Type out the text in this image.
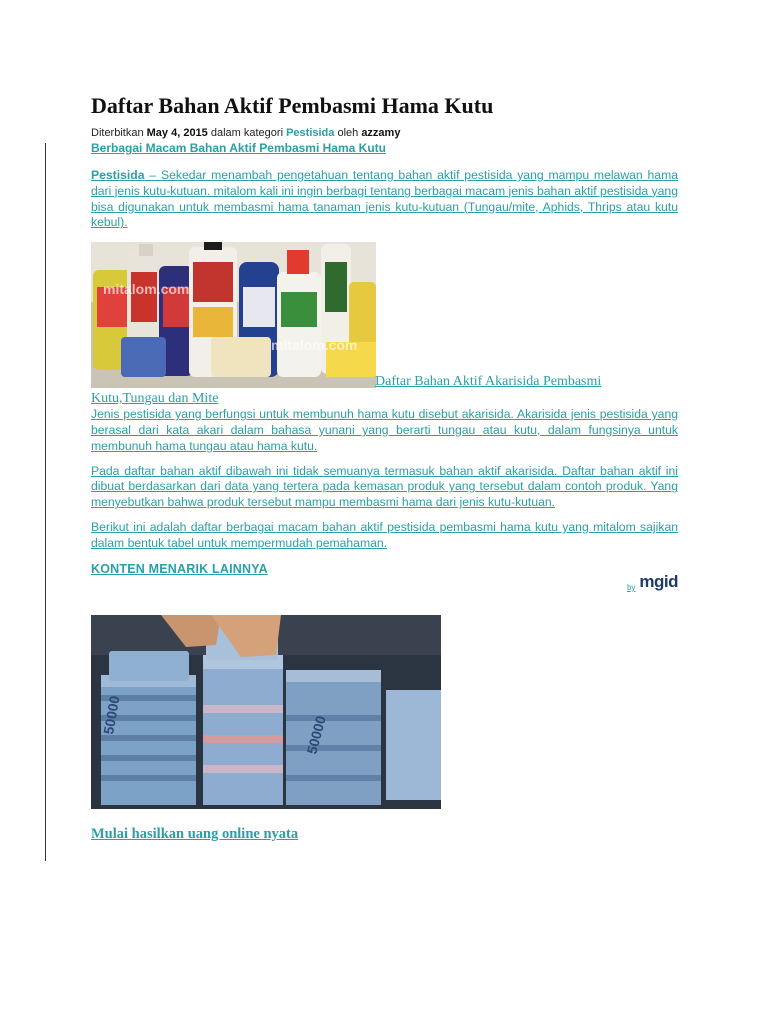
Daftar Bahan Aktif Pembasmi Hama Kutu
Diterbitkan May 4, 2015 dalam kategori Pestisida oleh azzamy
Berbagai Macam Bahan Aktif Pembasmi Hama Kutu

Pestisida – Sekedar menambah pengetahuan tentang bahan aktif pestisida yang mampu melawan hama dari jenis kutu-kutuan. mitalom kali ini ingin berbagi tentang berbagai macam jenis bahan aktif pestisida yang bisa digunakan untuk membasmi hama tanaman jenis kutu-kutuan (Tungau/mite, Aphids, Thrips atau kutu kebul).

mitalom.com
mitalom.com
Daftar Bahan Aktif Akarisida Pembasmi
Kutu,Tungau dan Mite

Jenis pestisida yang berfungsi untuk membunuh hama kutu disebut akarisida. Akarisida jenis pestisida yang berasal dari kata akari dalam bahasa yunani yang berarti tungau atau kutu, dalam fungsinya untuk membunuh hama tungau atau hama kutu.

Pada daftar bahan aktif dibawah ini tidak semuanya termasuk bahan aktif akarisida. Daftar bahan aktif ini dibuat berdasarkan dari data yang tertera pada kemasan produk yang tersebut dalam contoh produk. Yang menyebutkan bahwa produk tersebut mampu membasmi hama dari jenis kutu-kutuan.

Berikut ini adalah daftar berbagai macam bahan aktif pestisida pembasmi hama kutu yang mitalom sajikan dalam bentuk tabel untuk mempermudah pemahaman.

KONTEN MENARIK LAINNYA
by mgid
50000	50000
Mulai hasilkan uang online nyata
